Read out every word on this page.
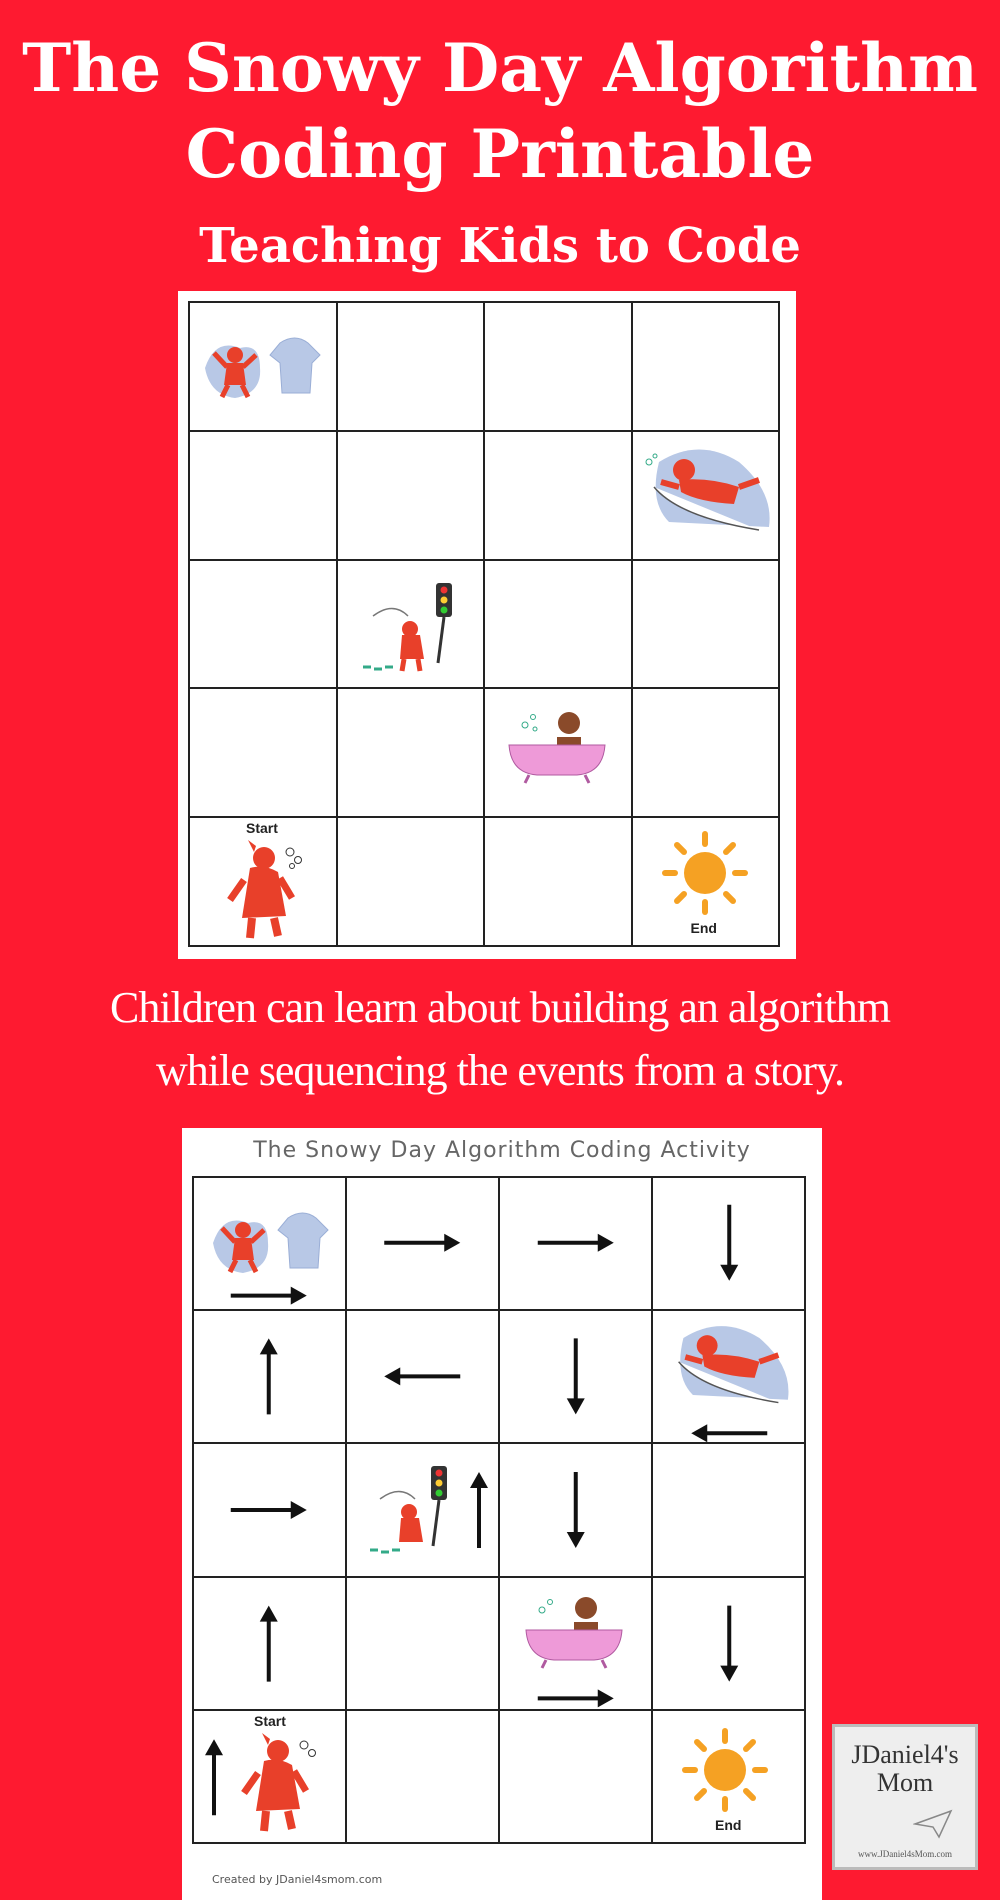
The Snowy Day Algorithm
Coding Printable
Teaching Kids to Code

Start			End
Children can learn about building an algorithm
while sequencing the events from a story.
The Snowy Day Algorithm Coding Activity

Start			End
Created by JDaniel4smom.com
JDaniel4's
Mom
www.JDaniel4sMom.com
